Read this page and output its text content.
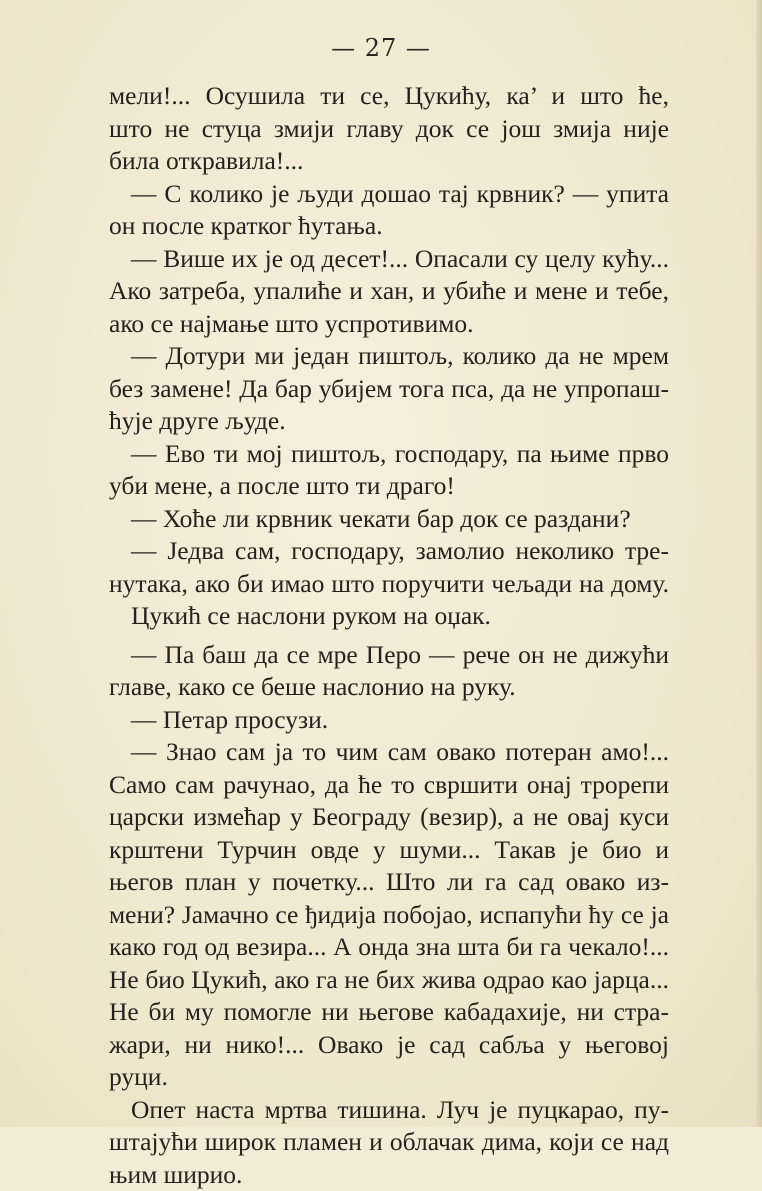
— 27 —
мели!... Осушила ти се, Цукићу, ка’ и што ће,
што не стуца змији главу док се још змија није
била откравила!...
— С колико је људи дошао тај крвник? — упита
он после кратког ћутања.
— Више их је од десет!... Опасали су целу кућу...
Ако затреба, упалиће и хан, и убиће и мене и тебе,
ако се најмање што успротивимо.
— Дотури ми један пиштољ, колико да не мрем
без замене! Да бар убијем тога пса, да не упропаш-
ћује друге људе.
— Ево ти мој пиштољ, господару, па њиме прво
уби мене, а после што ти драго!
— Хоће ли крвник чекати бар док се раздани?
— Једва сам, господару, замолио неколико тре-
нутака, ако би имао што поручити чељади на дому.
Цукић се наслони руком на оџак.
— Па баш да се мре Перо — рече он не дижући
главе, како се беше наслонио на руку.
— Петар просузи.
— Знао сам ја то чим сам овако потеран амо!...
Само сам рачунао, да ће то свршити онај трорепи
царски измећар у Београду (везир), а не овај куси
крштени Турчин овде у шуми... Такав је био и
његов план у почетку... Што ли га сад овако из-
мени? Јамачно се ђидија побојао, испапући ћу се ја
како год од везира... А онда зна шта би га чекало!...
Не био Цукић, ако га не бих жива одрао као јарца...
Не би му помогле ни његове кабадахије, ни стра-
жари, ни нико!... Овако је сад сабља у његовој
руци.
Опет наста мртва тишина. Луч је пуцкарао, пу-
штајући широк пламен и облачак дима, који се над
њим ширио.
